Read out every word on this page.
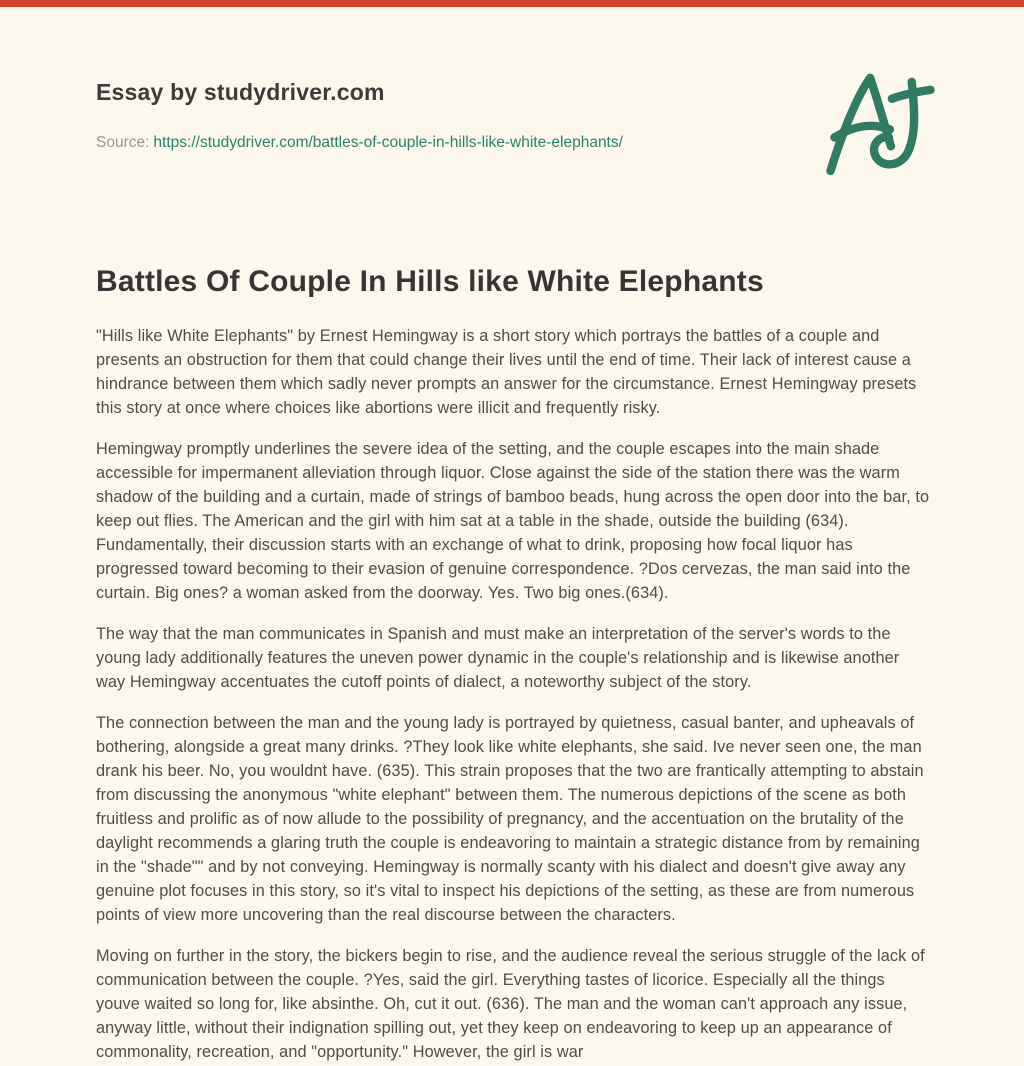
Essay by studydriver.com
Source: https://studydriver.com/battles-of-couple-in-hills-like-white-elephants/
Battles Of Couple In Hills like White Elephants

"Hills like White Elephants" by Ernest Hemingway is a short story which portrays the battles of a couple and presents an obstruction for them that could change their lives until the end of time. Their lack of interest cause a hindrance between them which sadly never prompts an answer for the circumstance. Ernest Hemingway presets this story at once where choices like abortions were illicit and frequently risky.

Hemingway promptly underlines the severe idea of the setting, and the couple escapes into the main shade accessible for impermanent alleviation through liquor. Close against the side of the station there was the warm shadow of the building and a curtain, made of strings of bamboo beads, hung across the open door into the bar, to keep out flies. The American and the girl with him sat at a table in the shade, outside the building (634). Fundamentally, their discussion starts with an exchange of what to drink, proposing how focal liquor has progressed toward becoming to their evasion of genuine correspondence. ?Dos cervezas, the man said into the curtain. Big ones? a woman asked from the doorway. Yes. Two big ones.(634).

The way that the man communicates in Spanish and must make an interpretation of the server's words to the young lady additionally features the uneven power dynamic in the couple's relationship and is likewise another way Hemingway accentuates the cutoff points of dialect, a noteworthy subject of the story.

The connection between the man and the young lady is portrayed by quietness, casual banter, and upheavals of bothering, alongside a great many drinks. ?They look like white elephants, she said. Ive never seen one, the man drank his beer. No, you wouldnt have. (635). This strain proposes that the two are frantically attempting to abstain from discussing the anonymous "white elephant" between them. The numerous depictions of the scene as both fruitless and prolific as of now allude to the possibility of pregnancy, and the accentuation on the brutality of the daylight recommends a glaring truth the couple is endeavoring to maintain a strategic distance from by remaining in the "shade"" and by not conveying. Hemingway is normally scanty with his dialect and doesn't give away any genuine plot focuses in this story, so it's vital to inspect his depictions of the setting, as these are from numerous points of view more uncovering than the real discourse between the characters.

Moving on further in the story, the bickers begin to rise, and the audience reveal the serious struggle of the lack of communication between the couple. ?Yes, said the girl. Everything tastes of licorice. Especially all the things youve waited so long for, like absinthe. Oh, cut it out. (636). The man and the woman can't approach any issue, anyway little, without their indignation spilling out, yet they keep on endeavoring to keep up an appearance of commonality, recreation, and "opportunity." However, the girl is war
